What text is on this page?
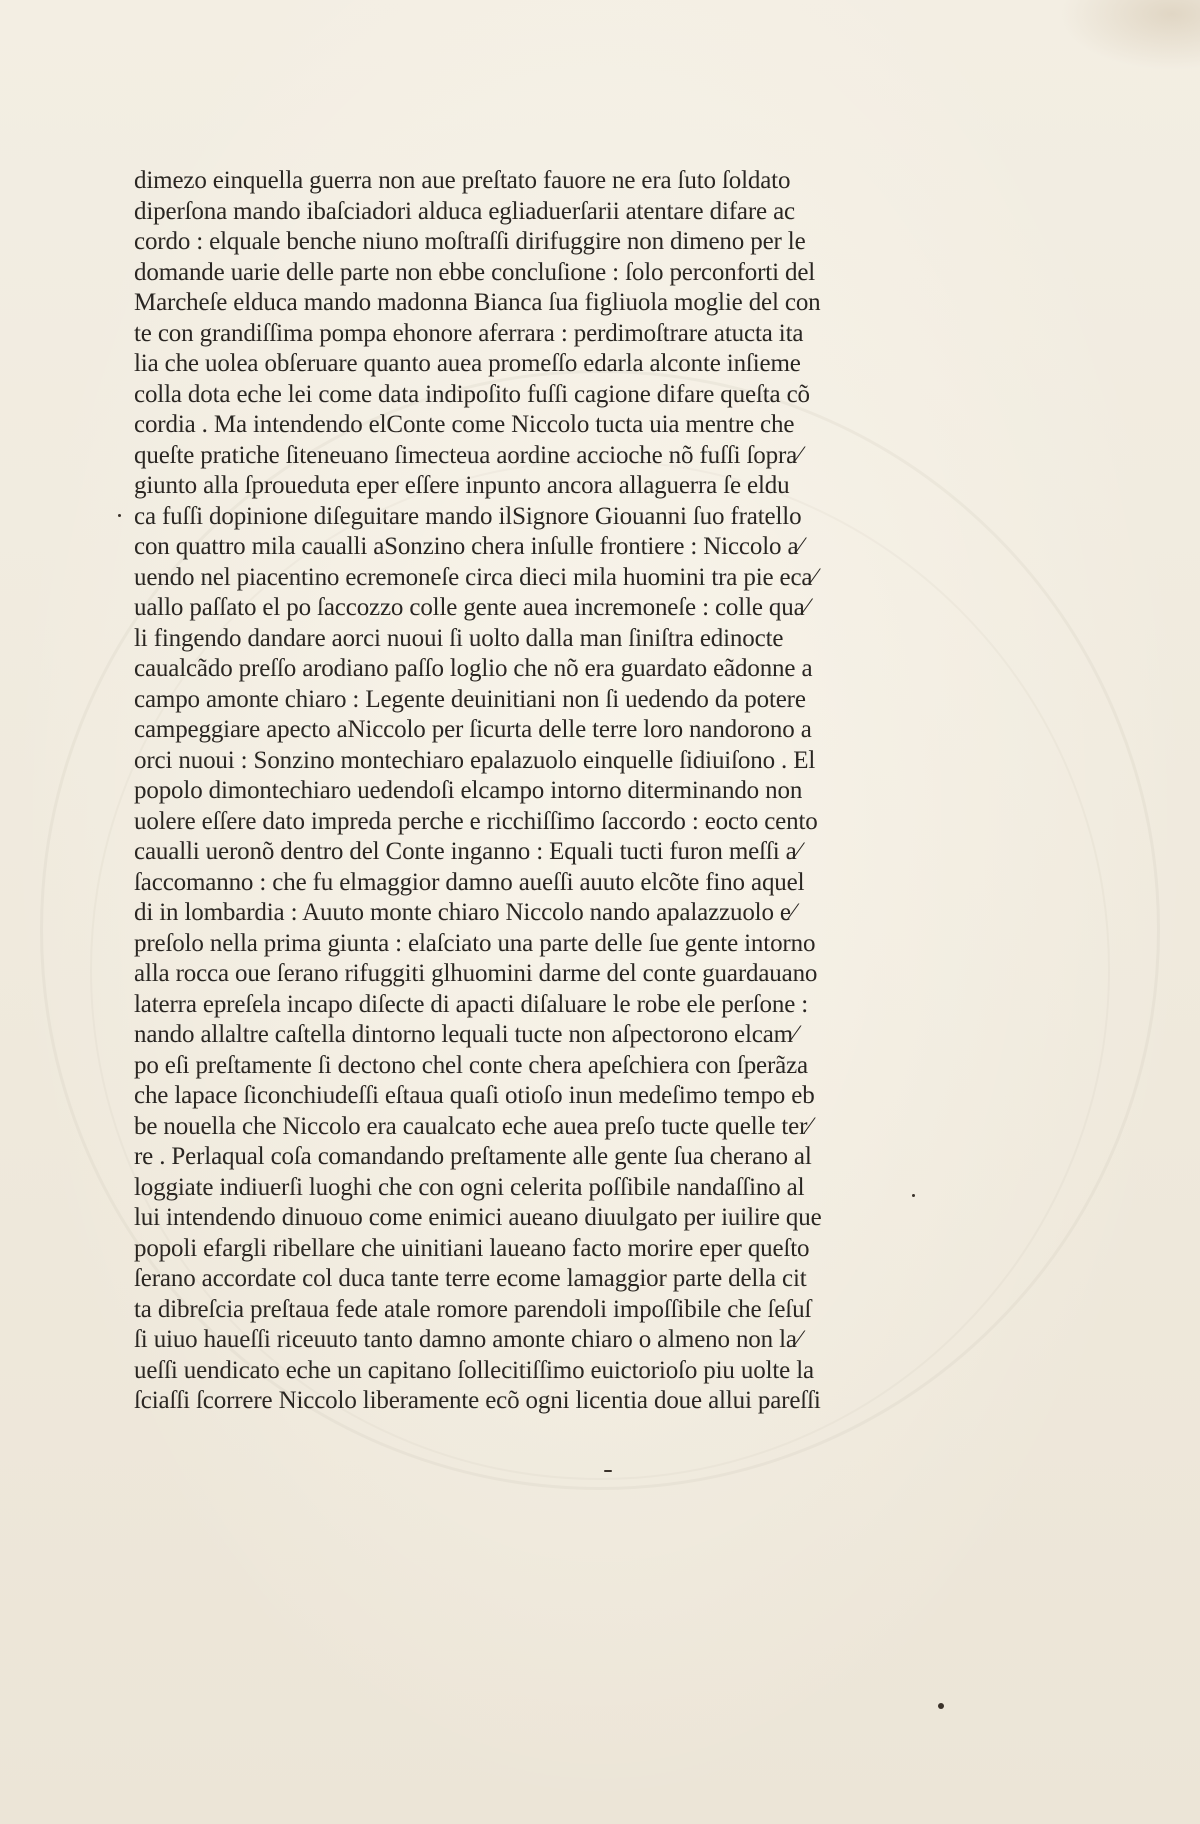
dimezo einquella guerra non aue preſtato fauore ne era ſuto ſoldato
diperſona mando ibaſciadori alduca egliaduerſarii atentare difare ac
cordo : elquale benche niuno moſtraſſi dirifuggire non dimeno per le
domande uarie delle parte non ebbe concluſione : ſolo perconforti del
Marcheſe elduca mando madonna Bianca ſua figliuola moglie del con
te con grandiſſima pompa ehonore aferrara : perdimoſtrare atucta ita
lia che uolea obſeruare quanto auea promeſſo edarla alconte inſieme
colla dota eche lei come data indipoſito fuſſi cagione difare queſta cõ
cordia . Ma intendendo elConte come Niccolo tucta uia mentre che
queſte pratiche ſiteneuano ſimecteua aordine accioche nõ fuſſi ſopra⁄
giunto alla ſproueduta eper eſſere inpunto ancora allaguerra ſe eldu
ca fuſſi dopinione diſeguitare mando ilSignore Giouanni ſuo fratello
con quattro mila caualli aSonzino chera inſulle frontiere : Niccolo a⁄
uendo nel piacentino ecremoneſe circa dieci mila huomini tra pie eca⁄
uallo paſſato el po ſaccozzo colle gente auea incremoneſe : colle qua⁄
li fingendo dandare aorci nuoui ſi uolto dalla man ſiniſtra edinocte
caualcãdo preſſo arodiano paſſo loglio che nõ era guardato eãdonne a
campo amonte chiaro : Legente deuinitiani non ſi uedendo da potere
campeggiare apecto aNiccolo per ſicurta delle terre loro nandorono a
orci nuoui : Sonzino montechiaro epalazuolo einquelle ſidiuiſono . El
popolo dimontechiaro uedendoſi elcampo intorno diterminando non
uolere eſſere dato impreda perche e ricchiſſimo ſaccordo : eocto cento
caualli ueronõ dentro del Conte inganno : Equali tucti furon meſſi a⁄
ſaccomanno : che fu elmaggior damno aueſſi auuto elcõte fino aquel
di in lombardia : Auuto monte chiaro Niccolo nando apalazzuolo e⁄
preſolo nella prima giunta : elaſciato una parte delle ſue gente intorno
alla rocca oue ſerano rifuggiti glhuomini darme del conte guardauano
laterra epreſela incapo diſecte di apacti diſaluare le robe ele perſone :
nando allaltre caſtella dintorno lequali tucte non aſpectorono elcam⁄
po eſi preſtamente ſi dectono chel conte chera apeſchiera con ſperãza
che lapace ſiconchiudeſſi eſtaua quaſi otioſo inun medeſimo tempo eb
be nouella che Niccolo era caualcato eche auea preſo tucte quelle ter⁄
re . Perlaqual coſa comandando preſtamente alle gente ſua cherano al
loggiate indiuerſi luoghi che con ogni celerita poſſibile nandaſſino al
lui intendendo dinuouo come enimici aueano diuulgato per iuilire que
popoli efargli ribellare che uinitiani laueano facto morire eper queſto
ſerano accordate col duca tante terre ecome lamaggior parte della cit
ta dibreſcia preſtaua fede atale romore parendoli impoſſibile che ſeſuſ
ſi uiuo haueſſi riceuuto tanto damno amonte chiaro o almeno non la⁄
ueſſi uendicato eche un capitano ſollecitiſſimo euictorioſo piu uolte la
ſciaſſi ſcorrere Niccolo liberamente ecõ ogni licentia doue allui pareſſi
